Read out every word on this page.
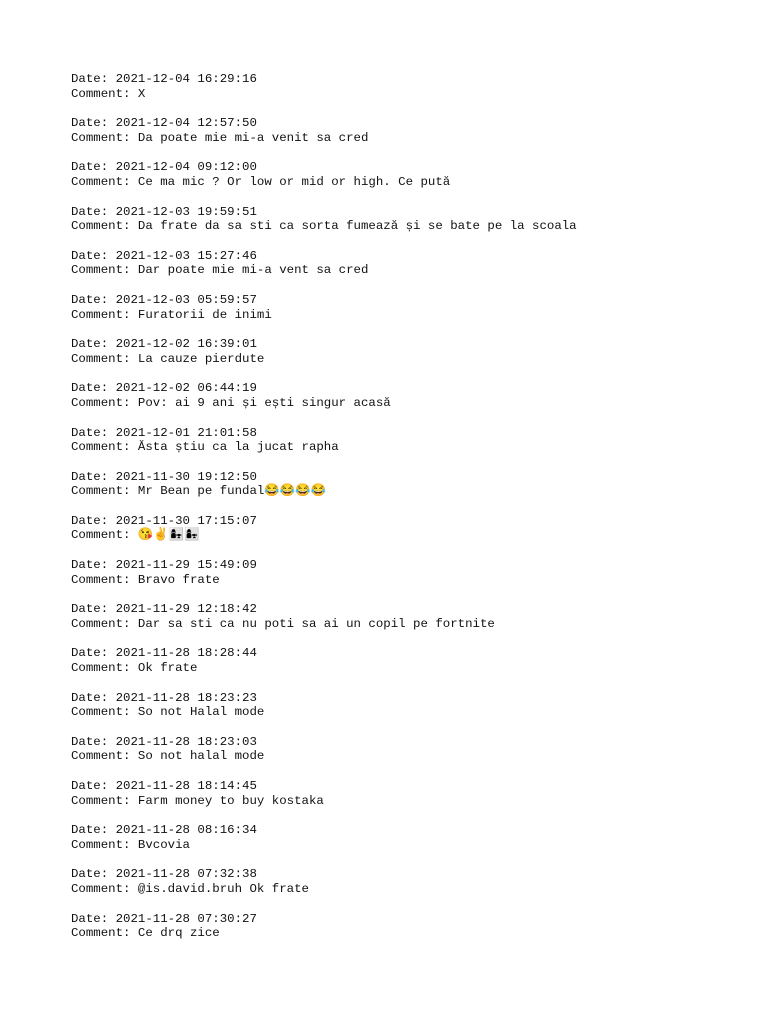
Date: 2021-12-04 16:29:16
Comment: X
Date: 2021-12-04 12:57:50
Comment: Da poate mie mi-a venit sa cred
Date: 2021-12-04 09:12:00
Comment: Ce ma mic ? Or low or mid or high. Ce pută
Date: 2021-12-03 19:59:51
Comment: Da frate da sa sti ca sorta fumează și se bate pe la scoala
Date: 2021-12-03 15:27:46
Comment: Dar poate mie mi-a vent sa cred
Date: 2021-12-03 05:59:57
Comment: Furatorii de inimi
Date: 2021-12-02 16:39:01
Comment: La cauze pierdute
Date: 2021-12-02 06:44:19
Comment: Pov: ai 9 ani și ești singur acasă
Date: 2021-12-01 21:01:58
Comment: Ăsta știu ca la jucat rapha
Date: 2021-11-30 19:12:50
Comment: Mr Bean pe fundal😂😂😂😂
Date: 2021-11-30 17:15:07
Comment: 😘✌️👩‍👧👩‍👧
Date: 2021-11-29 15:49:09
Comment: Bravo frate
Date: 2021-11-29 12:18:42
Comment: Dar sa sti ca nu poti sa ai un copil pe fortnite
Date: 2021-11-28 18:28:44
Comment: Ok frate
Date: 2021-11-28 18:23:23
Comment: So not Halal mode
Date: 2021-11-28 18:23:03
Comment: So not halal mode
Date: 2021-11-28 18:14:45
Comment: Farm money to buy kostaka
Date: 2021-11-28 08:16:34
Comment: Bvcovia
Date: 2021-11-28 07:32:38
Comment: @is.david.bruh Ok frate
Date: 2021-11-28 07:30:27
Comment: Ce drq zice
